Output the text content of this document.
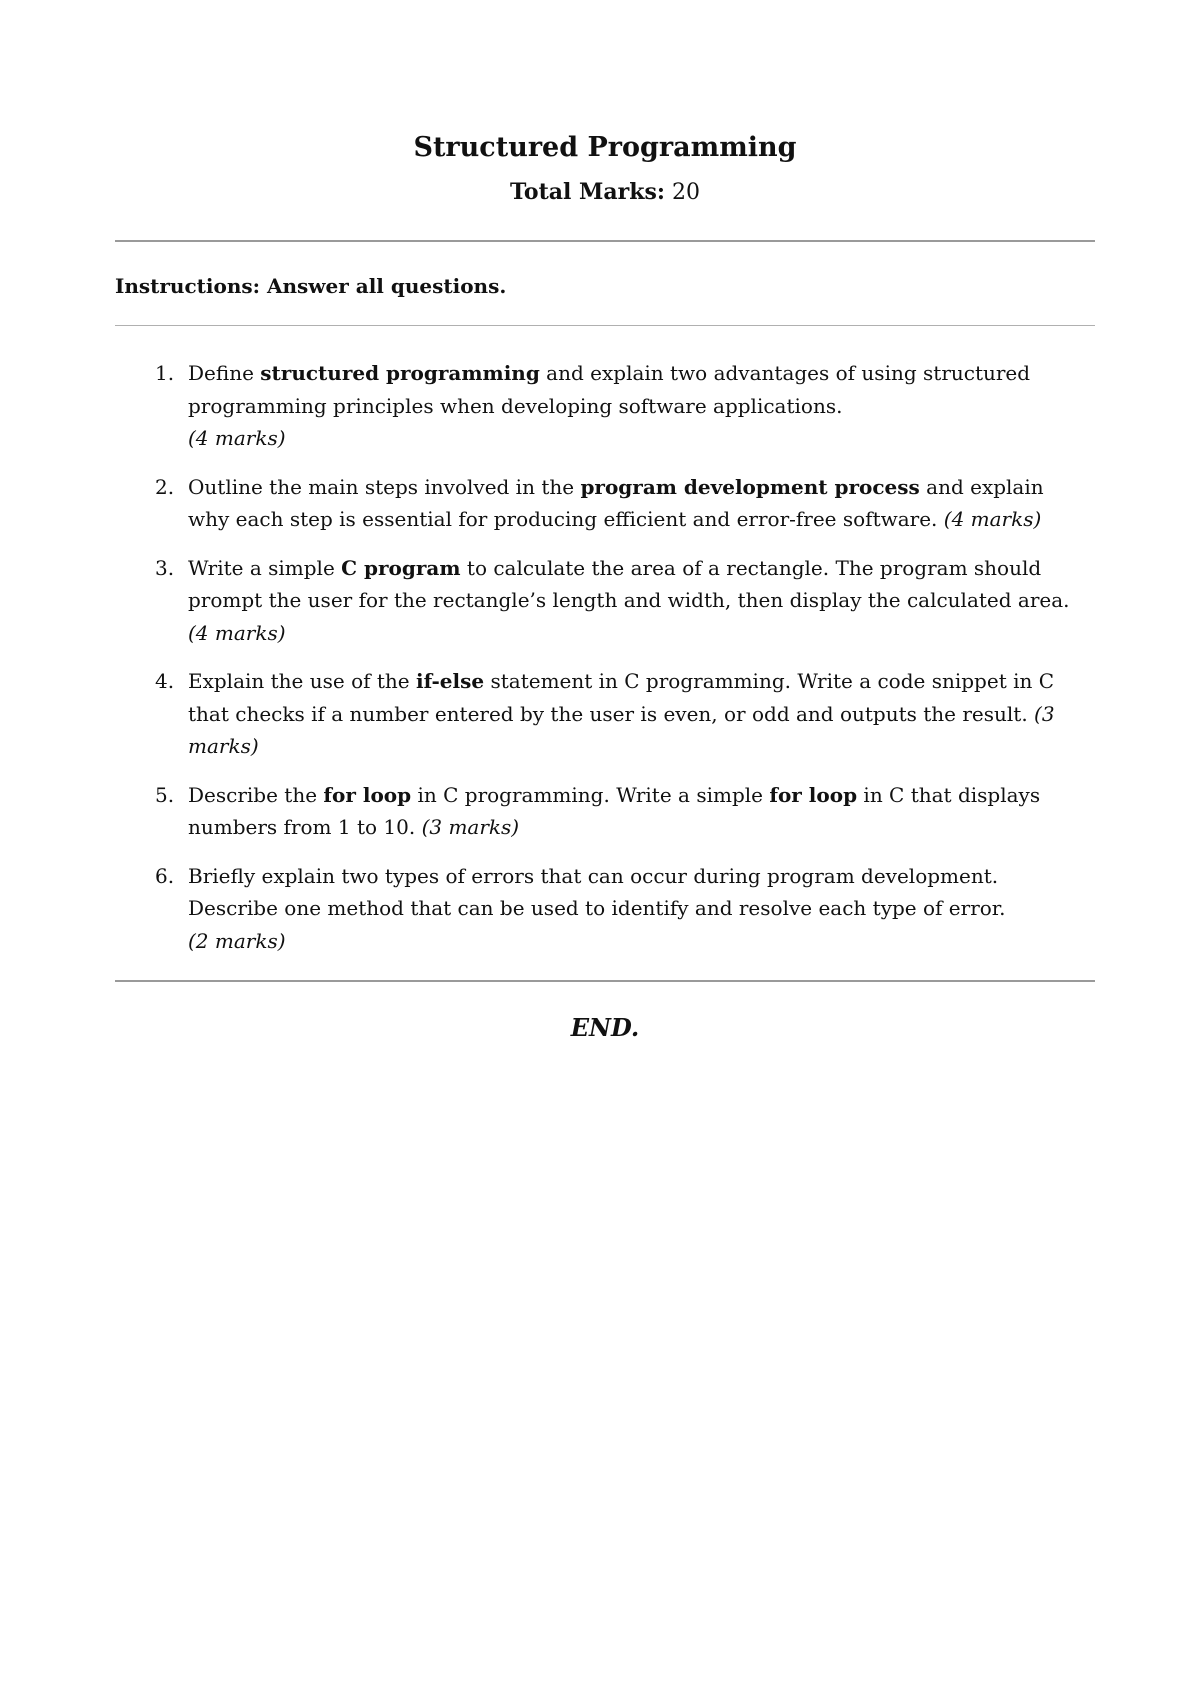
Structured Programming
Total Marks: 20
Instructions: Answer all questions.
1. Define structured programming and explain two advantages of using structured
programming principles when developing software applications.
(4 marks)
2. Outline the main steps involved in the program development process and explain
why each step is essential for producing efficient and error-free software. (4 marks)
3. Write a simple C program to calculate the area of a rectangle. The program should
prompt the user for the rectangle’s length and width, then display the calculated area.
(4 marks)
4. Explain the use of the if-else statement in C programming. Write a code snippet in C
that checks if a number entered by the user is even, or odd and outputs the result. (3
marks)
5. Describe the for loop in C programming. Write a simple for loop in C that displays
numbers from 1 to 10. (3 marks)
6. Briefly explain two types of errors that can occur during program development.
Describe one method that can be used to identify and resolve each type of error.
(2 marks)
END.
